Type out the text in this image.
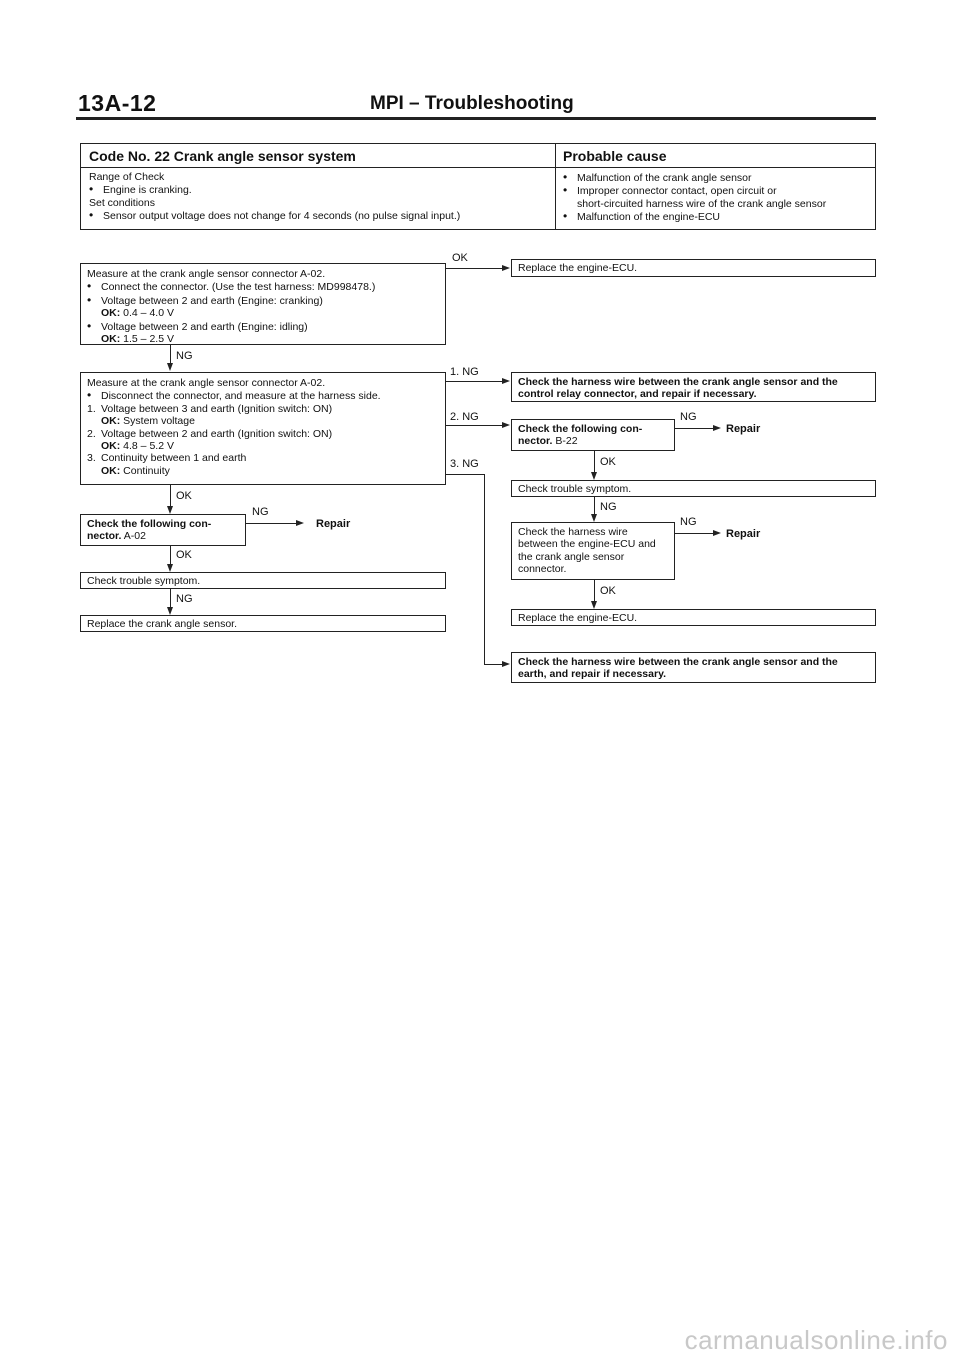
13A-12	MPI – Troubleshooting
Code No. 22 Crank angle sensor system	Probable cause
Range of Check
• Engine is cranking.
Set conditions
• Sensor output voltage does not change for 4 seconds (no pulse signal input.)
• Malfunction of the crank angle sensor
• Improper connector contact, open circuit or
short-circuited harness wire of the crank angle sensor
• Malfunction of the engine-ECU
Measure at the crank angle sensor connector A-02.
• Connect the connector. (Use the test harness: MD998478.)
• Voltage between 2 and earth (Engine: cranking)
OK: 0.4 – 4.0 V
• Voltage between 2 and earth (Engine: idling)
OK: 1.5 – 2.5 V
OK
Replace the engine-ECU.
NG
Measure at the crank angle sensor connector A-02.
• Disconnect the connector, and measure at the harness side.
1. Voltage between 3 and earth (Ignition switch: ON)
OK: System voltage
2. Voltage between 2 and earth (Ignition switch: ON)
OK: 4.8 – 5.2 V
3. Continuity between 1 and earth
OK: Continuity
1. NG
Check the harness wire between the crank angle sensor and the
control relay connector, and repair if necessary.
2. NG
Check the following con-
nector. B-22
NG
Repair
OK
Check trouble symptom.
NG
Check the harness wire
between the engine-ECU and
the crank angle sensor
connector.
NG
Repair
OK
Replace the engine-ECU.
3. NG
Check the harness wire between the crank angle sensor and the
earth, and repair if necessary.
OK
Check the following con-
nector. A-02
NG
Repair
OK
Check trouble symptom.
NG
Replace the crank angle sensor.
carmanualsonline.info
